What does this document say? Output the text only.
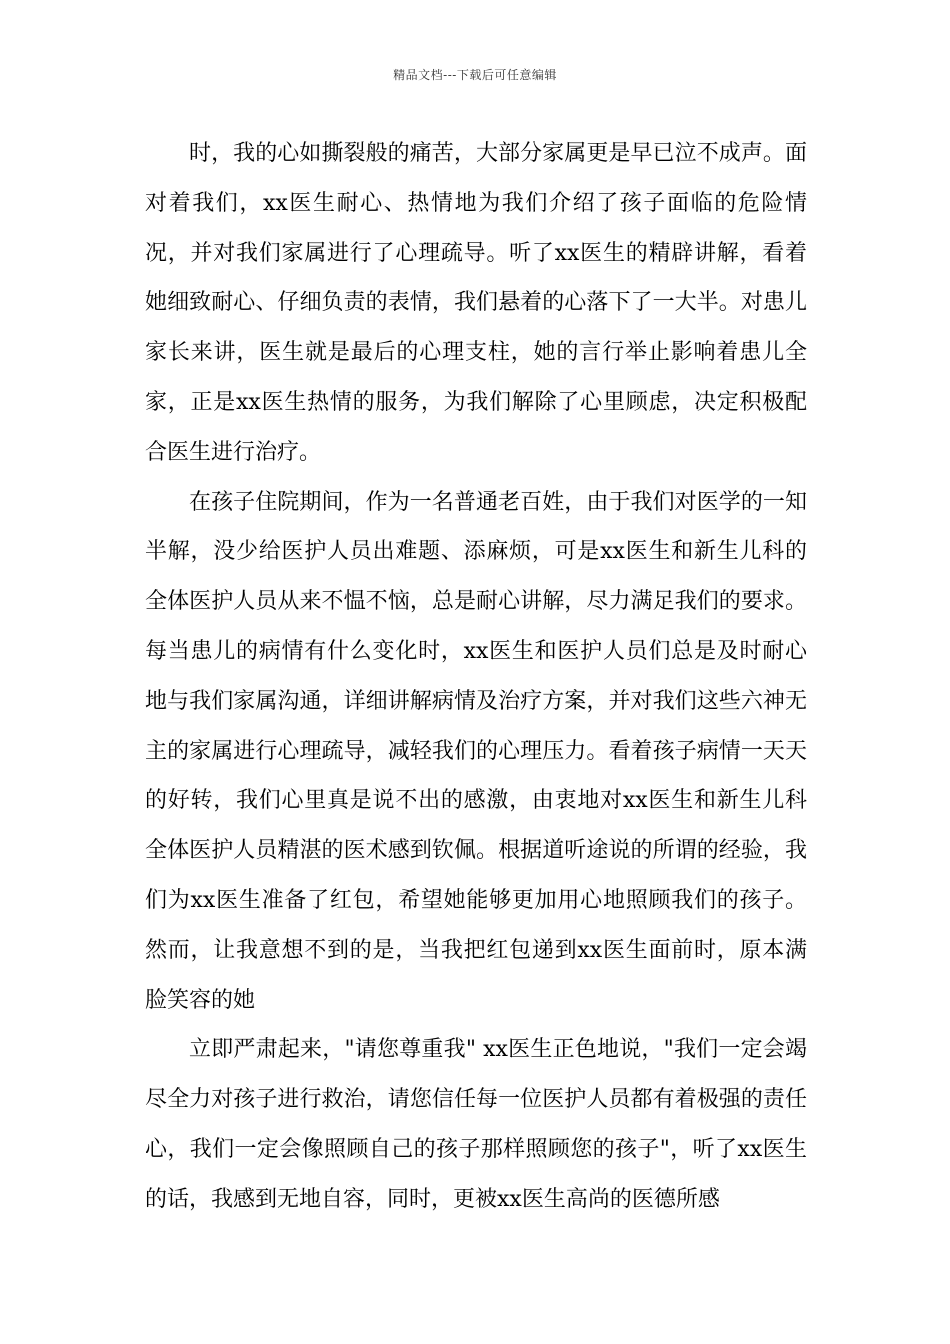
精品文档---下载后可任意编辑

时，我的心如撕裂般的痛苦，大部分家属更是早已泣不成声。面对着我们，xx医生耐心、热情地为我们介绍了孩子面临的危险情况，并对我们家属进行了心理疏导。听了xx医生的精辟讲解，看着她细致耐心、仔细负责的表情，我们悬着的心落下了一大半。对患儿家长来讲，医生就是最后的心理支柱，她的言行举止影响着患儿全家，正是xx医生热情的服务，为我们解除了心里顾虑，决定积极配合医生进行治疗。

在孩子住院期间，作为一名普通老百姓，由于我们对医学的一知半解，没少给医护人员出难题、添麻烦，可是xx医生和新生儿科的全体医护人员从来不愠不恼，总是耐心讲解，尽力满足我们的要求。每当患儿的病情有什么变化时，xx医生和医护人员们总是及时耐心地与我们家属沟通，详细讲解病情及治疗方案，并对我们这些六神无主的家属进行心理疏导，减轻我们的心理压力。看着孩子病情一天天的好转，我们心里真是说不出的感激，由衷地对xx医生和新生儿科全体医护人员精湛的医术感到钦佩。根据道听途说的所谓的经验，我们为xx医生准备了红包，希望她能够更加用心地照顾我们的孩子。然而，让我意想不到的是，当我把红包递到xx医生面前时，原本满脸笑容的她

立即严肃起来，"请您尊重我" xx医生正色地说，"我们一定会竭尽全力对孩子进行救治，请您信任每一位医护人员都有着极强的责任心，我们一定会像照顾自己的孩子那样照顾您的孩子"，听了xx医生的话，我感到无地自容，同时，更被xx医生高尚的医德所感
